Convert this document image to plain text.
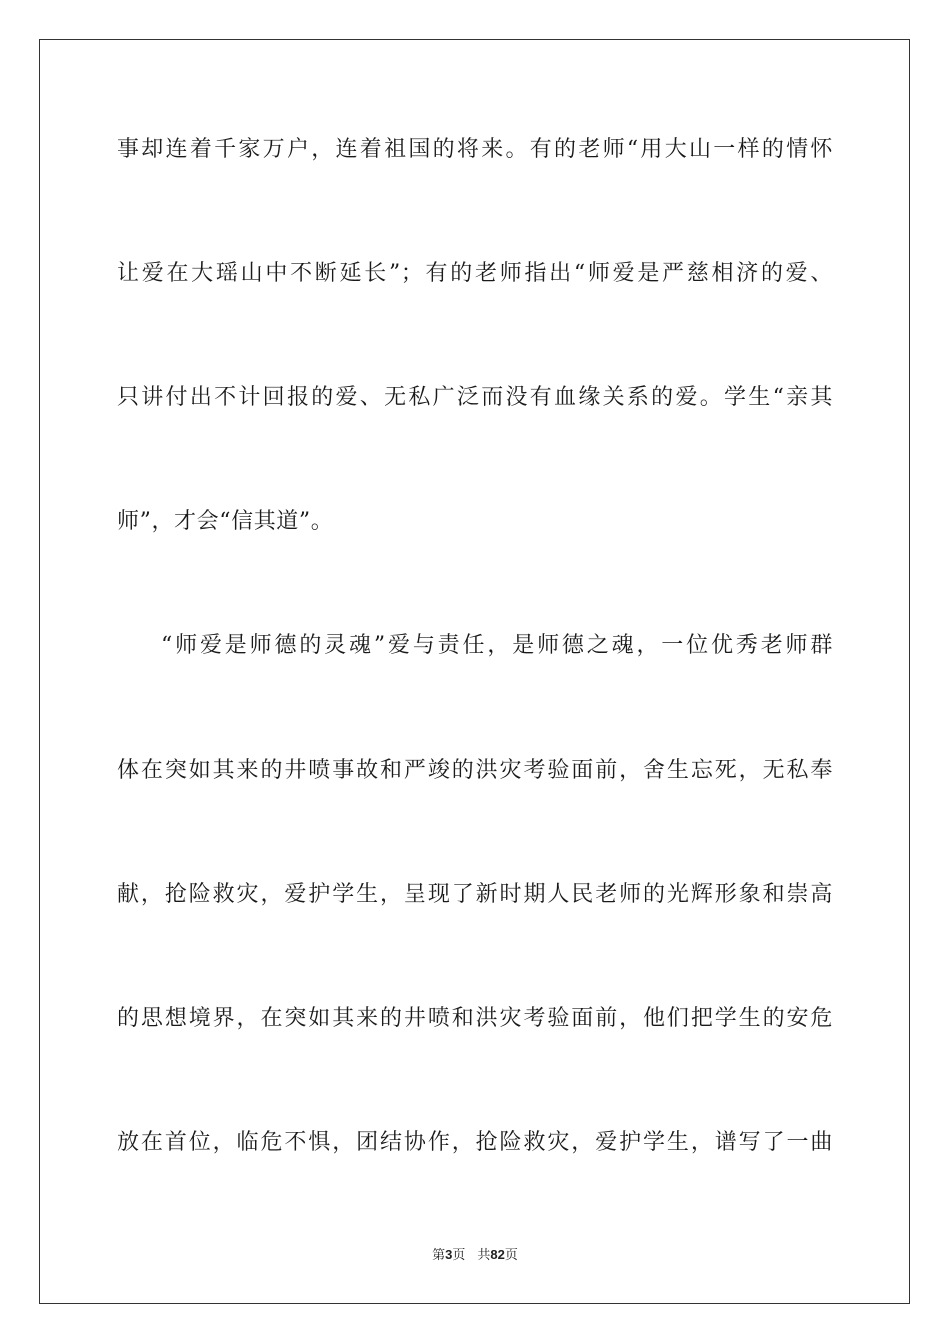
事却连着千家万户，连着祖国的将来。有的老师“用大山一样的情怀
让爱在大瑶山中不断延长”；有的老师指出“师爱是严慈相济的爱、
只讲付出不计回报的爱、无私广泛而没有血缘关系的爱。学生“亲其
师”，才会“信其道”。
“师爱是师德的灵魂”爱与责任，是师德之魂，一位优秀老师群
体在突如其来的井喷事故和严竣的洪灾考验面前，舍生忘死，无私奉
献，抢险救灾，爱护学生，呈现了新时期人民老师的光辉形象和崇高
的思想境界，在突如其来的井喷和洪灾考验面前，他们把学生的安危
放在首位，临危不惧，团结协作，抢险救灾，爱护学生，谱写了一曲
第3页 共82页
